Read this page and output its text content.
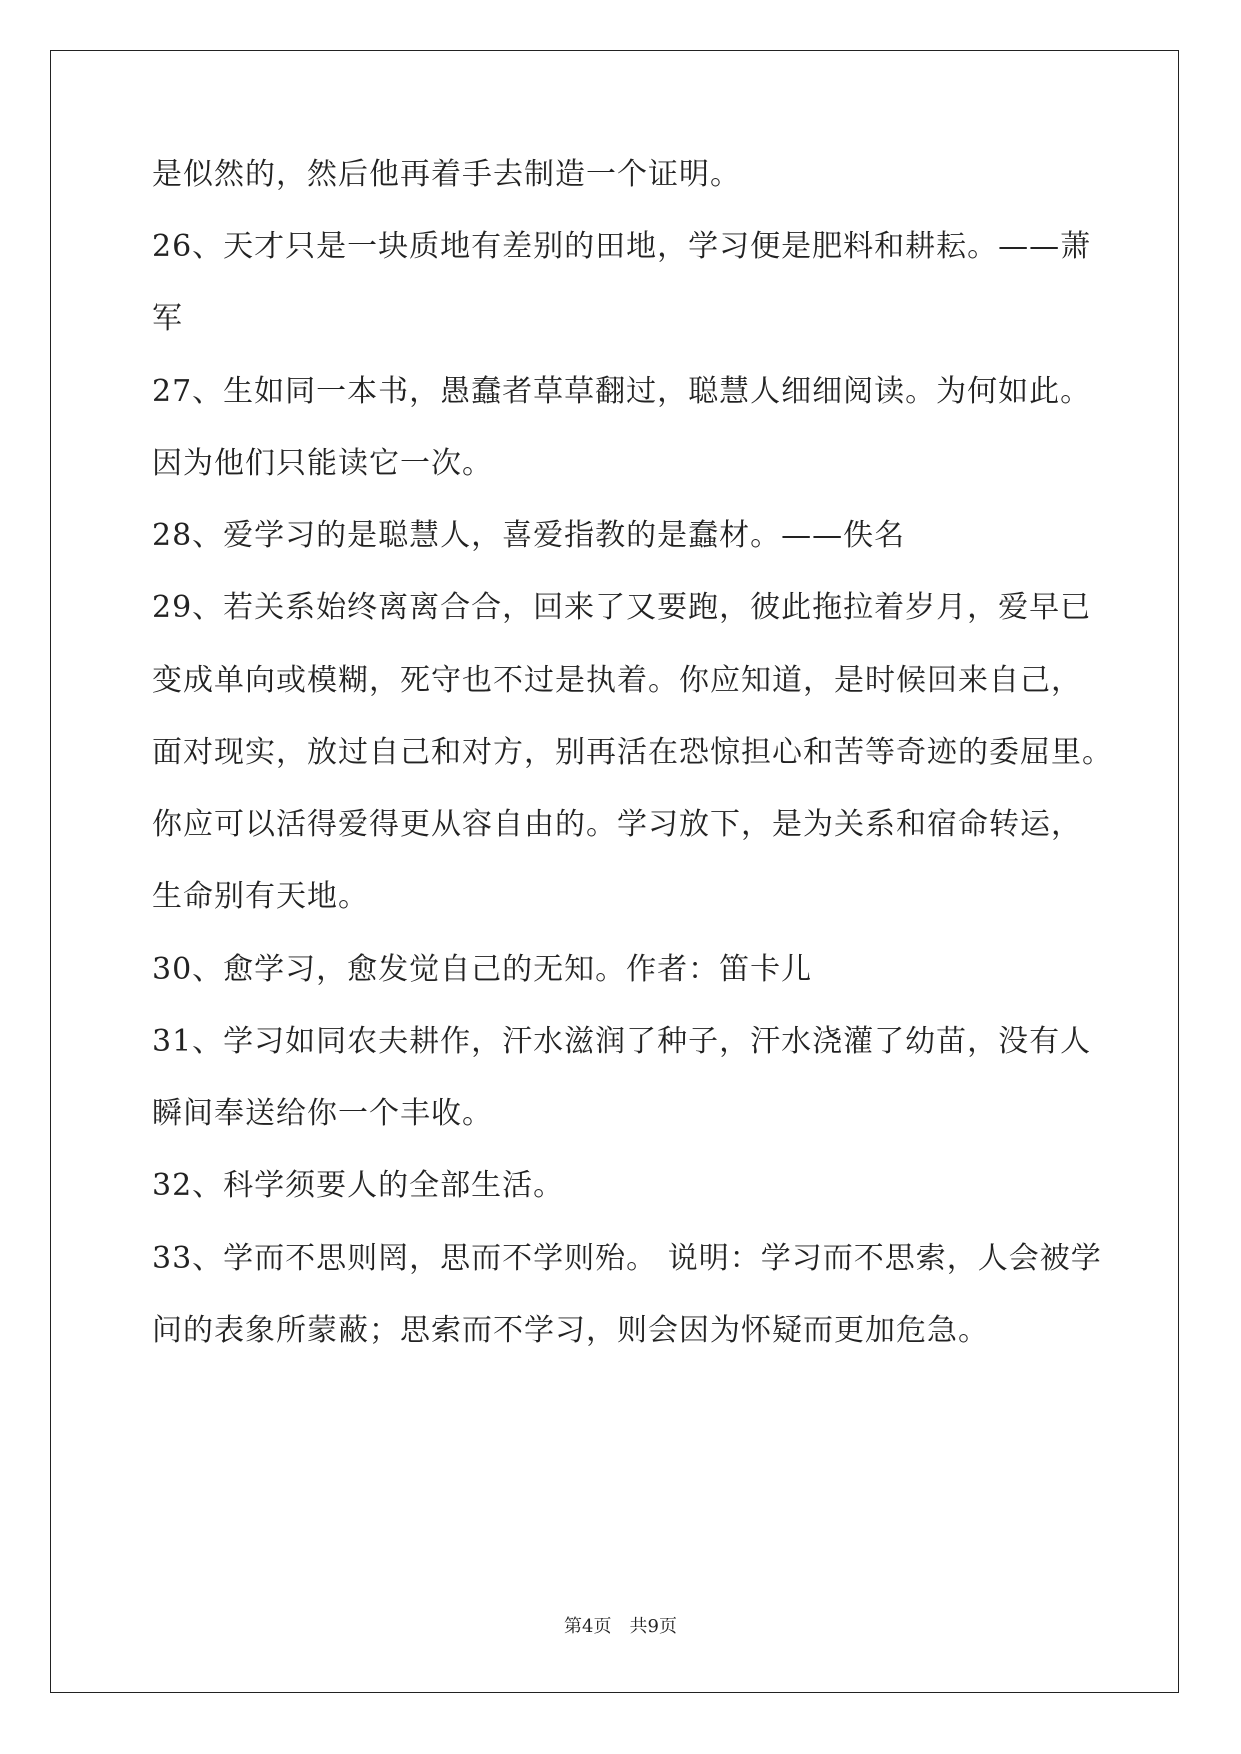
是似然的，然后他再着手去制造一个证明。
26、天才只是一块质地有差别的田地，学习便是肥料和耕耘。——萧
军
27、生如同一本书，愚蠢者草草翻过，聪慧人细细阅读。为何如此。
因为他们只能读它一次。
28、爱学习的是聪慧人，喜爱指教的是蠢材。——佚名
29、若关系始终离离合合，回来了又要跑，彼此拖拉着岁月，爱早已
变成单向或模糊，死守也不过是执着。你应知道，是时候回来自己，
面对现实，放过自己和对方，别再活在恐惊担心和苦等奇迹的委屈里。
你应可以活得爱得更从容自由的。学习放下，是为关系和宿命转运，
生命别有天地。
30、愈学习，愈发觉自己的无知。作者：笛卡儿
31、学习如同农夫耕作，汗水滋润了种子，汗水浇灌了幼苗，没有人
瞬间奉送给你一个丰收。
32、科学须要人的全部生活。
33、学而不思则罔，思而不学则殆。 说明：学习而不思索，人会被学
问的表象所蒙蔽；思索而不学习，则会因为怀疑而更加危急。
第4页 共9页
